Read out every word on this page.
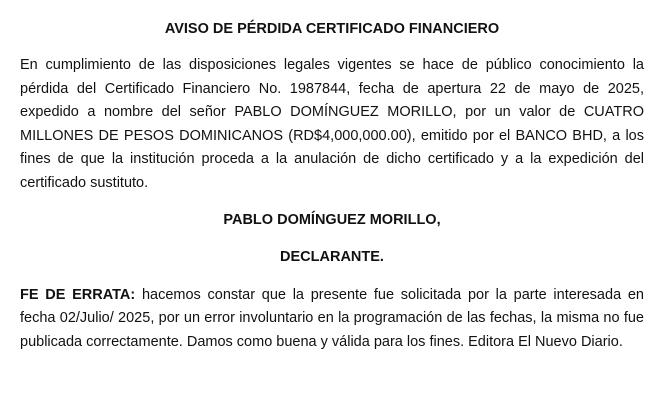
AVISO DE PÉRDIDA CERTIFICADO FINANCIERO

En cumplimiento de las disposiciones legales vigentes se hace de público conocimiento la pérdida del Certificado Financiero No. 1987844, fecha de apertura 22 de mayo de 2025, expedido a nombre del señor PABLO DOMÍNGUEZ MORILLO, por un valor de CUATRO MILLONES DE PESOS DOMINICANOS (RD$4,000,000.00), emitido por el BANCO BHD, a los fines de que la institución proceda a la anulación de dicho certificado y a la expedición del certificado sustituto.

PABLO DOMÍNGUEZ MORILLO,
DECLARANTE.

FE DE ERRATA: hacemos constar que la presente fue solicitada por la parte interesada en fecha 02/Julio/ 2025, por un error involuntario en la programación de las fechas, la misma no fue publicada correctamente. Damos como buena y válida para los fines. Editora El Nuevo Diario.
